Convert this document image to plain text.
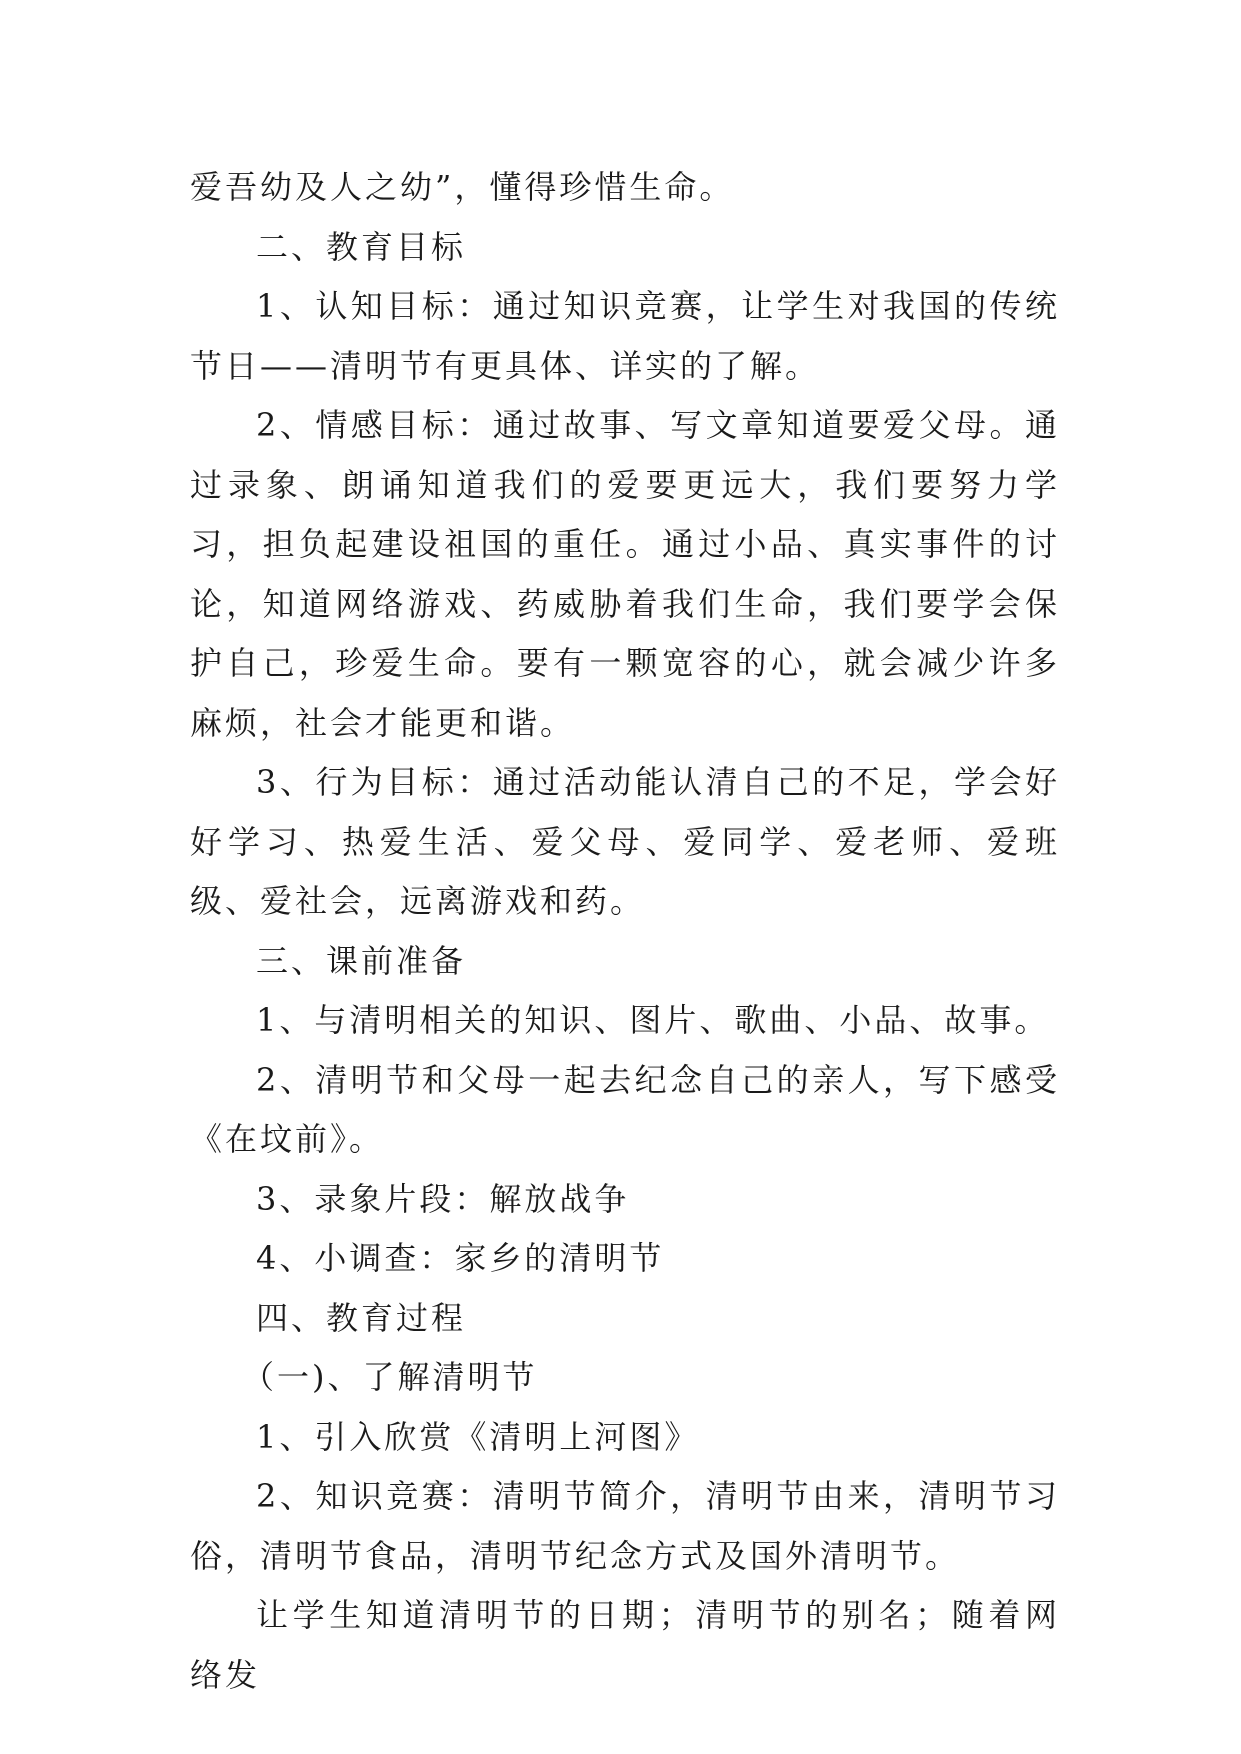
爱吾幼及人之幼”，懂得珍惜生命。

二、教育目标

1、认知目标：通过知识竞赛，让学生对我国的传统节日——清明节有更具体、详实的了解。

2、情感目标：通过故事、写文章知道要爱父母。通过录象、朗诵知道我们的爱要更远大，我们要努力学习，担负起建设祖国的重任。通过小品、真实事件的讨论，知道网络游戏、药威胁着我们生命，我们要学会保护自己，珍爱生命。要有一颗宽容的心，就会减少许多麻烦，社会才能更和谐。

3、行为目标：通过活动能认清自己的不足，学会好好学习、热爱生活、爱父母、爱同学、爱老师、爱班级、爱社会，远离游戏和药。

三、课前准备

1、与清明相关的知识、图片、歌曲、小品、故事。

2、清明节和父母一起去纪念自己的亲人，写下感受《在坟前》。

3、录象片段：解放战争

4、小调查：家乡的清明节

四、教育过程

（一)、了解清明节

1、引入欣赏《清明上河图》

2、知识竞赛：清明节简介，清明节由来，清明节习俗，清明节食品，清明节纪念方式及国外清明节。

让学生知道清明节的日期；清明节的别名；随着网络发
